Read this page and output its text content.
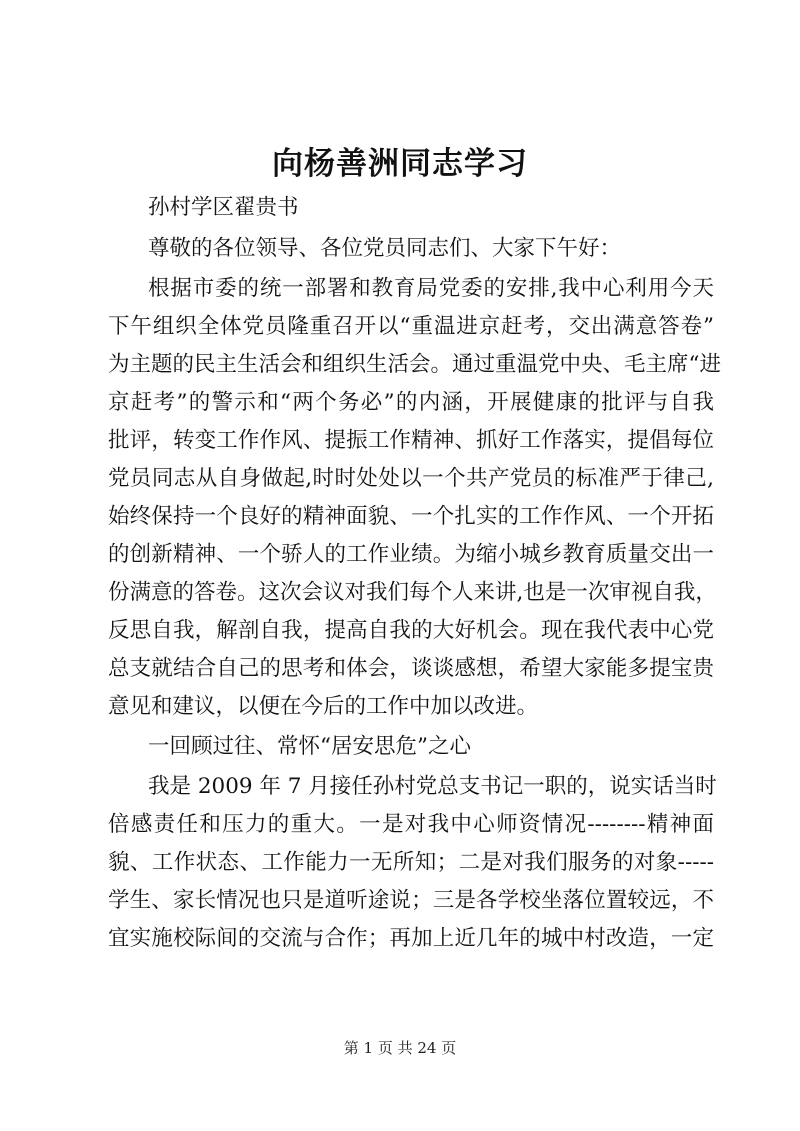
向杨善洲同志学习
孙村学区翟贵书
尊敬的各位领导、各位党员同志们、大家下午好：
根据市委的统一部署和教育局党委的安排,我中心利用今天
下午组织全体党员隆重召开以“重温进京赶考，交出满意答卷”
为主题的民主生活会和组织生活会。通过重温党中央、毛主席“进
京赶考”的警示和“两个务必”的内涵，开展健康的批评与自我
批评，转变工作作风、提振工作精神、抓好工作落实，提倡每位
党员同志从自身做起,时时处处以一个共产党员的标准严于律己,
始终保持一个良好的精神面貌、一个扎实的工作作风、一个开拓
的创新精神、一个骄人的工作业绩。为缩小城乡教育质量交出一
份满意的答卷。这次会议对我们每个人来讲,也是一次审视自我，
反思自我，解剖自我，提高自我的大好机会。现在我代表中心党
总支就结合自己的思考和体会，谈谈感想，希望大家能多提宝贵
意见和建议，以便在今后的工作中加以改进。
一回顾过往、常怀“居安思危”之心
我是 2009 年 7 月接任孙村党总支书记一职的，说实话当时
倍感责任和压力的重大。一是对我中心师资情况--------精神面
貌、工作状态、工作能力一无所知；二是对我们服务的对象-----
学生、家长情况也只是道听途说；三是各学校坐落位置较远，不
宜实施校际间的交流与合作；再加上近几年的城中村改造，一定
第 1 页 共 24 页
